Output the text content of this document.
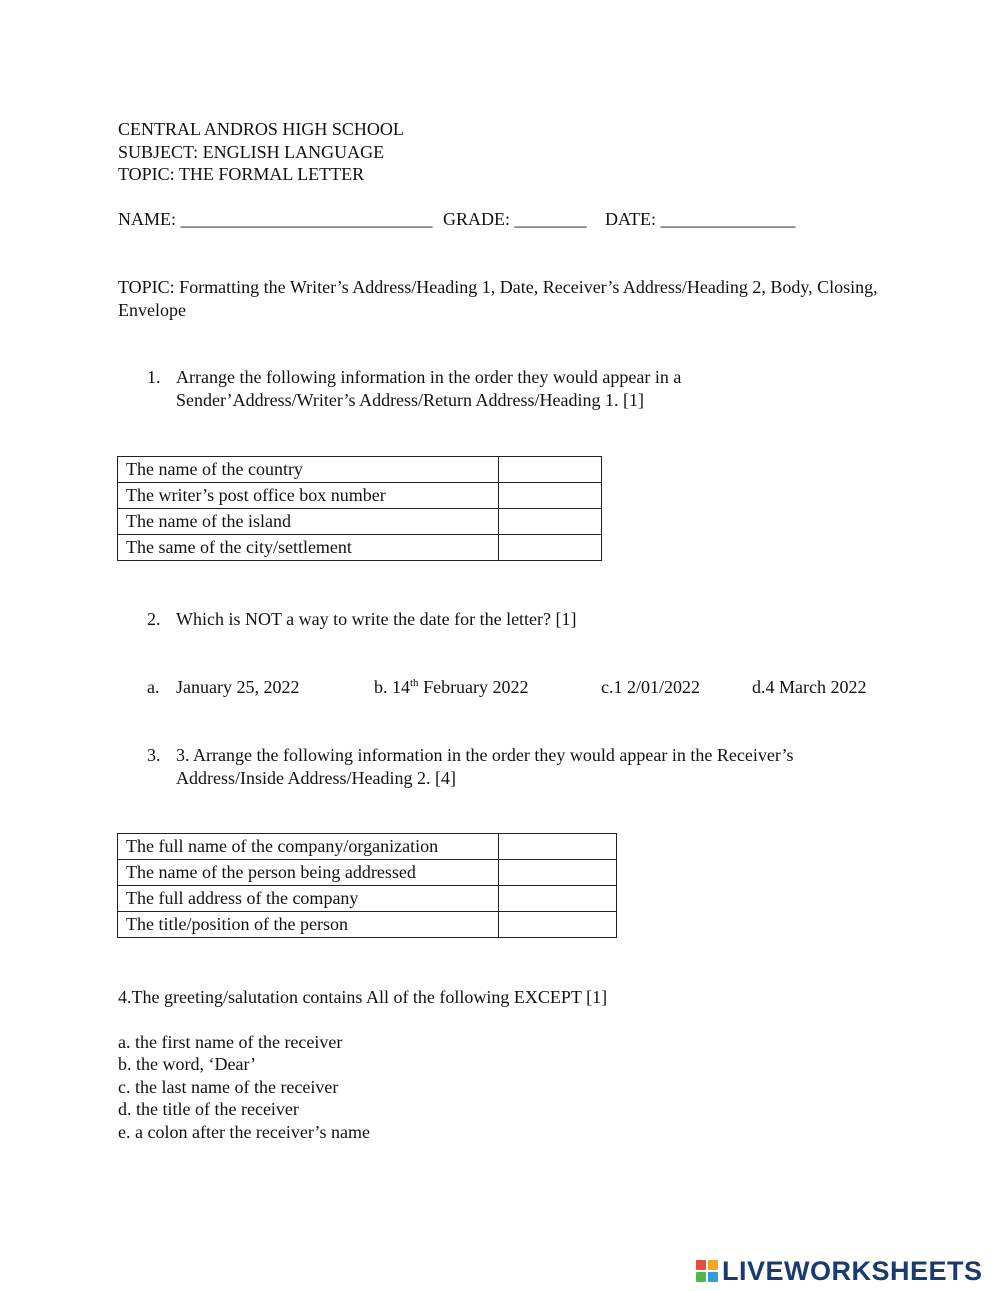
CENTRAL ANDROS HIGH SCHOOL
SUBJECT: ENGLISH LANGUAGE
TOPIC: THE FORMAL LETTER
NAME: ____________________________ GRADE: ________ DATE: _______________
TOPIC: Formatting the Writer’s Address/Heading 1, Date, Receiver’s Address/Heading 2, Body, Closing, Envelope
1. Arrange the following information in the order they would appear in a Sender’Address/Writer’s Address/Return Address/Heading 1. [1]
The name of the country	
The writer’s post office box number	
The name of the island	
The same of the city/settlement	
2. Which is NOT a way to write the date for the letter? [1]
a. January 25, 2022	b. 14th February 2022	c.1 2/01/2022	d.4 March 2022
3. 3. Arrange the following information in the order they would appear in the Receiver’s Address/Inside Address/Heading 2. [4]
The full name of the company/organization	
The name of the person being addressed	
The full address of the company	
The title/position of the person	
4.The greeting/salutation contains All of the following EXCEPT [1]
a. the first name of the receiver
b. the word, ‘Dear’
c. the last name of the receiver
d. the title of the receiver
e. a colon after the receiver’s name
LIVEWORKSHEETS
